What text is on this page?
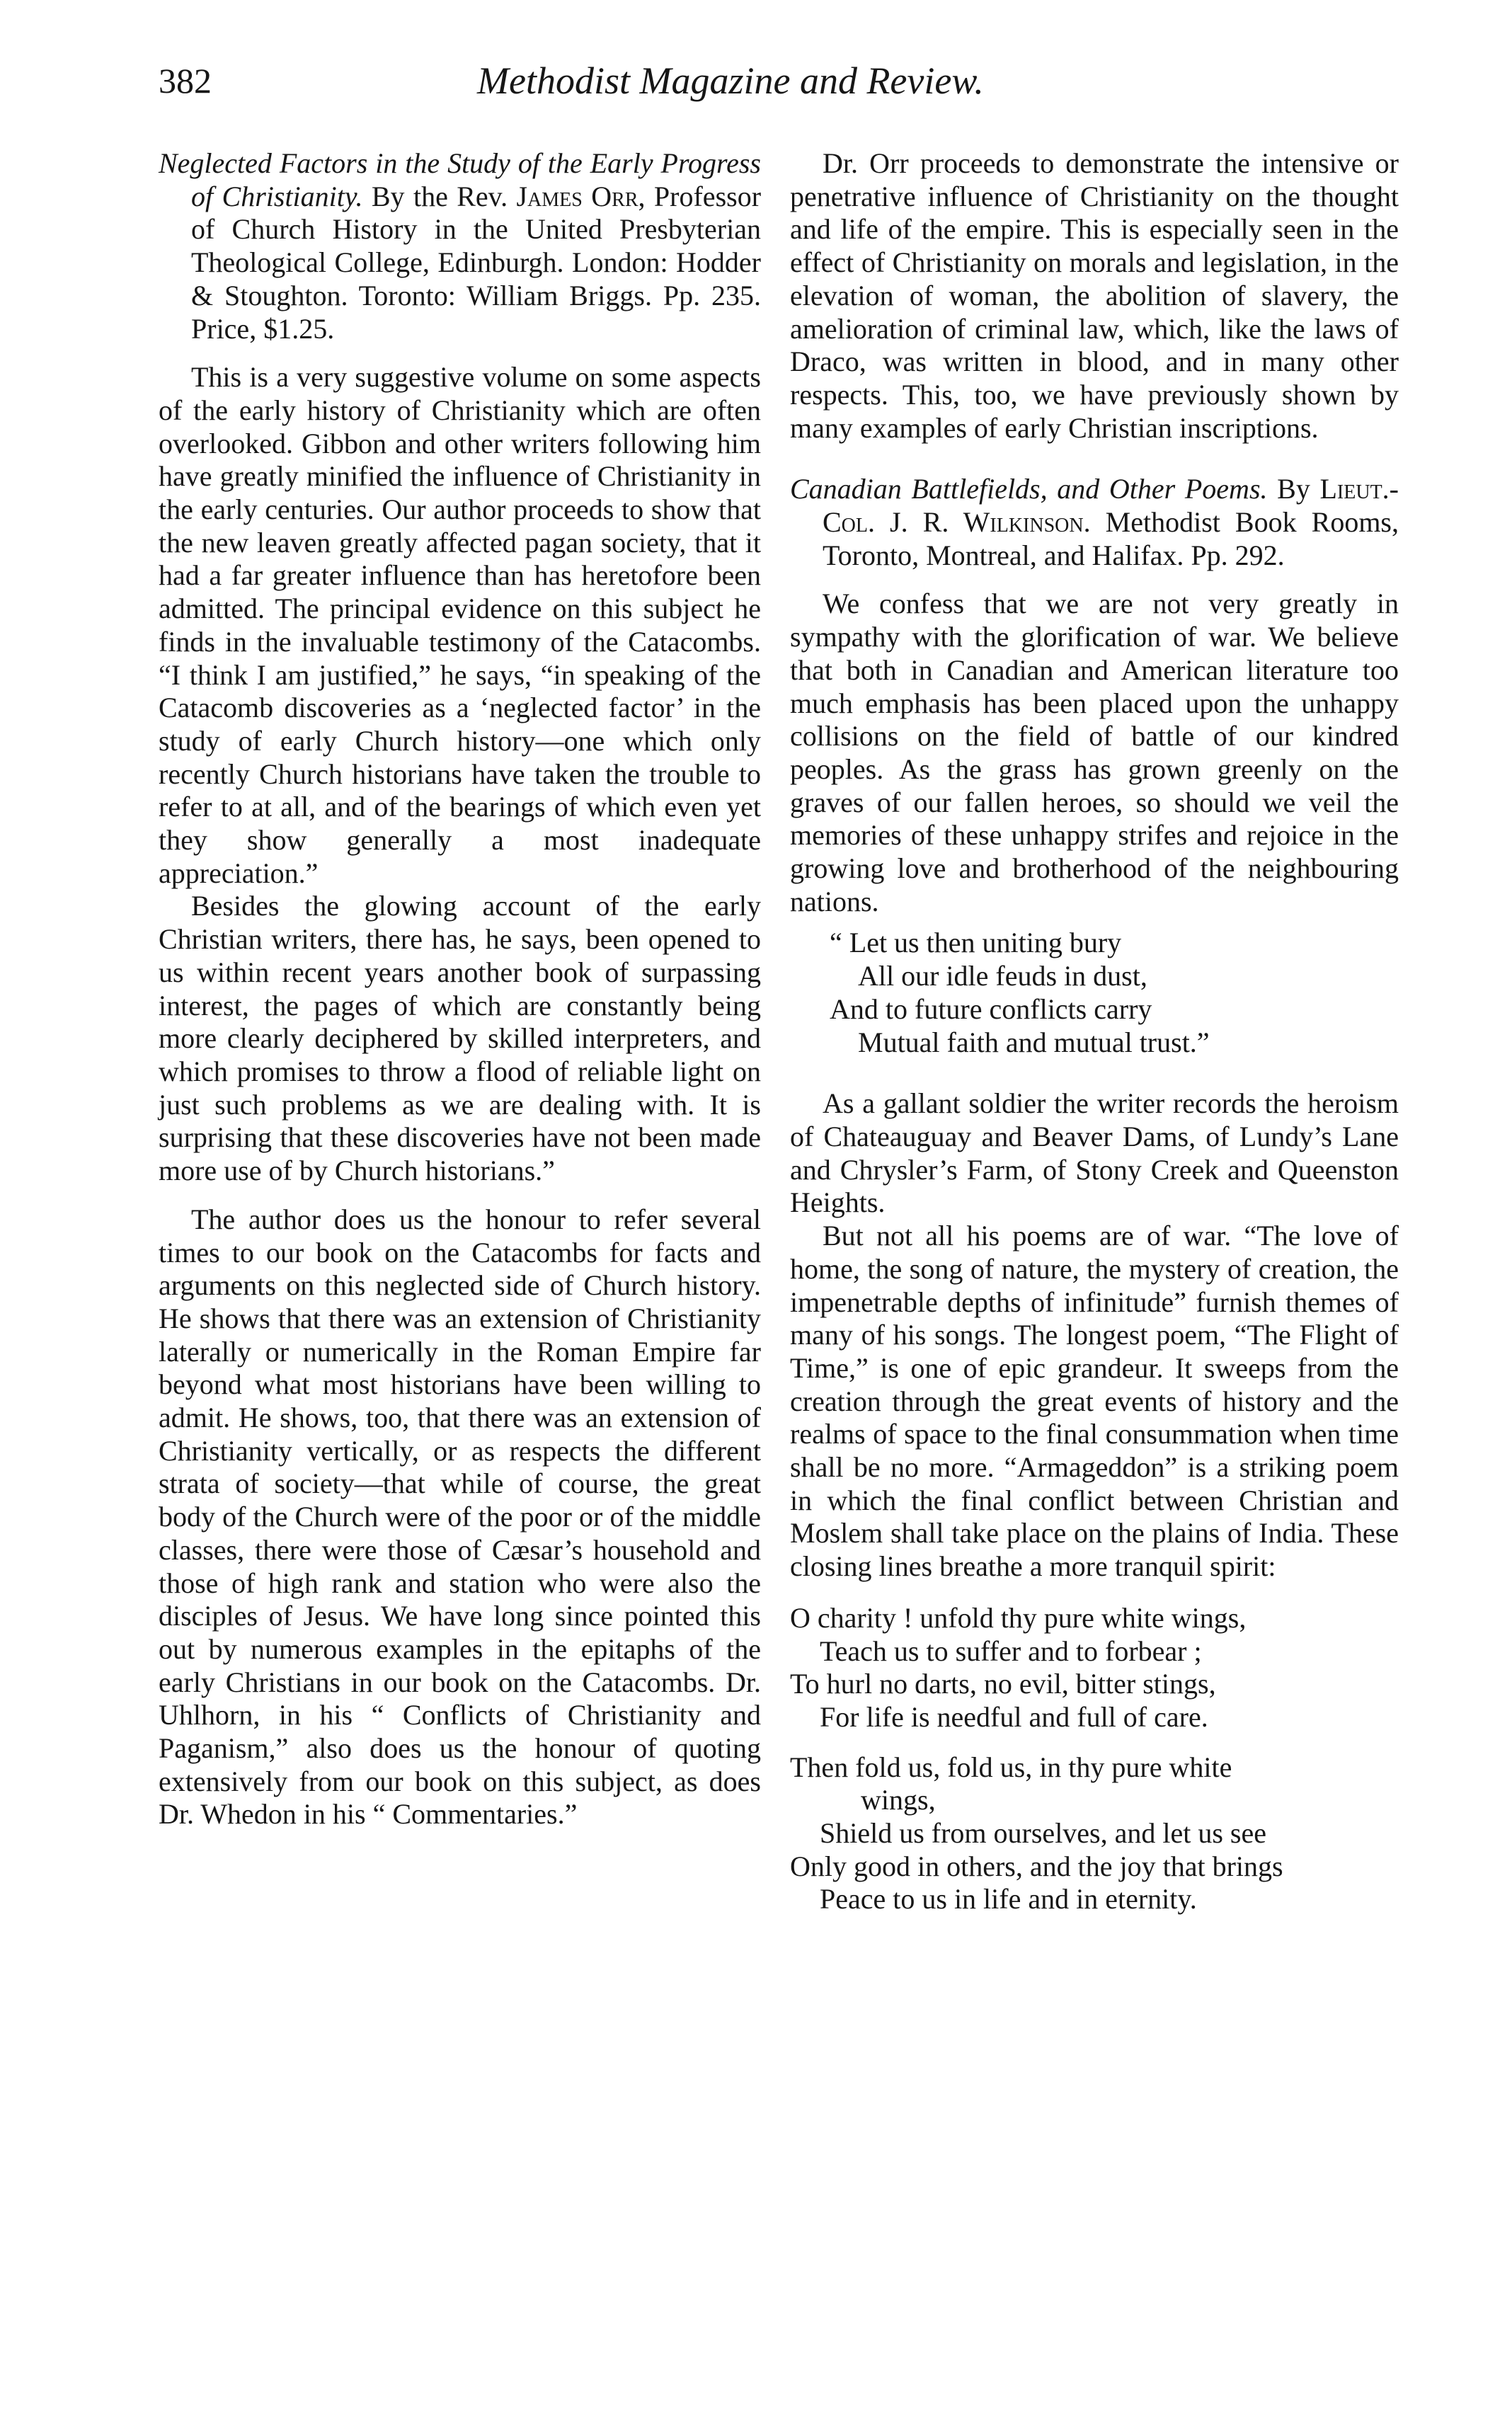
382	Methodist Magazine and Review.

Neglected Factors in the Study of the Early Progress of Christianity. By the Rev. James Orr, Professor of Church History in the United Presbyterian Theological College, Edinburgh. London: Hodder & Stoughton. Toronto: William Briggs. Pp. 235. Price, $1.25.

This is a very suggestive volume on some aspects of the early history of Christianity which are often overlooked. Gibbon and other writers following him have greatly minified the influence of Christianity in the early centuries. Our author proceeds to show that the new leaven greatly affected pagan society, that it had a far greater influence than has heretofore been admitted. The principal evidence on this subject he finds in the invaluable testimony of the Catacombs. “I think I am justified,” he says, “in speaking of the Catacomb discoveries as a ‘neglected factor’ in the study of early Church history—one which only recently Church historians have taken the trouble to refer to at all, and of the bearings of which even yet they show generally a most inadequate appreciation.”

Besides the glowing account of the early Christian writers, there has, he says, been opened to us within recent years another book of surpassing interest, the pages of which are constantly being more clearly deciphered by skilled interpreters, and which promises to throw a flood of reliable light on just such problems as we are dealing with. It is surprising that these discoveries have not been made more use of by Church historians.”

The author does us the honour to refer several times to our book on the Catacombs for facts and arguments on this neglected side of Church history. He shows that there was an extension of Christianity laterally or numerically in the Roman Empire far beyond what most historians have been willing to admit. He shows, too, that there was an extension of Christianity vertically, or as respects the different strata of society—that while of course, the great body of the Church were of the poor or of the middle classes, there were those of Cæsar’s household and those of high rank and station who were also the disciples of Jesus. We have long since pointed this out by numerous examples in the epitaphs of the early Christians in our book on the Catacombs. Dr. Uhlhorn, in his “ Conflicts of Christianity and Paganism,” also does us the honour of quoting extensively from our book on this subject, as does Dr. Whedon in his “ Commentaries.”

Dr. Orr proceeds to demonstrate the intensive or penetrative influence of Christianity on the thought and life of the empire. This is especially seen in the effect of Christianity on morals and legislation, in the elevation of woman, the abolition of slavery, the amelioration of criminal law, which, like the laws of Draco, was written in blood, and in many other respects. This, too, we have previously shown by many examples of early Christian inscriptions.

Canadian Battlefields, and Other Poems. By Lieut.-Col. J. R. Wilkinson. Methodist Book Rooms, Toronto, Montreal, and Halifax. Pp. 292.

We confess that we are not very greatly in sympathy with the glorification of war. We believe that both in Canadian and American literature too much emphasis has been placed upon the unhappy collisions on the field of battle of our kindred peoples. As the grass has grown greenly on the graves of our fallen heroes, so should we veil the memories of these unhappy strifes and rejoice in the growing love and brotherhood of the neighbouring nations.

“ Let us then uniting bury
All our idle feuds in dust,
And to future conflicts carry
Mutual faith and mutual trust.”

As a gallant soldier the writer records the heroism of Chateauguay and Beaver Dams, of Lundy’s Lane and Chrysler’s Farm, of Stony Creek and Queenston Heights.

But not all his poems are of war. “The love of home, the song of nature, the mystery of creation, the impenetrable depths of infinitude” furnish themes of many of his songs. The longest poem, “The Flight of Time,” is one of epic grandeur. It sweeps from the creation through the great events of history and the realms of space to the final consummation when time shall be no more. “Armageddon” is a striking poem in which the final conflict between Christian and Moslem shall take place on the plains of India. These closing lines breathe a more tranquil spirit:

O charity ! unfold thy pure white wings,
Teach us to suffer and to forbear ;
To hurl no darts, no evil, bitter stings,
For life is needful and full of care.
Then fold us, fold us, in thy pure white
wings,
Shield us from ourselves, and let us see
Only good in others, and the joy that brings
Peace to us in life and in eternity.
